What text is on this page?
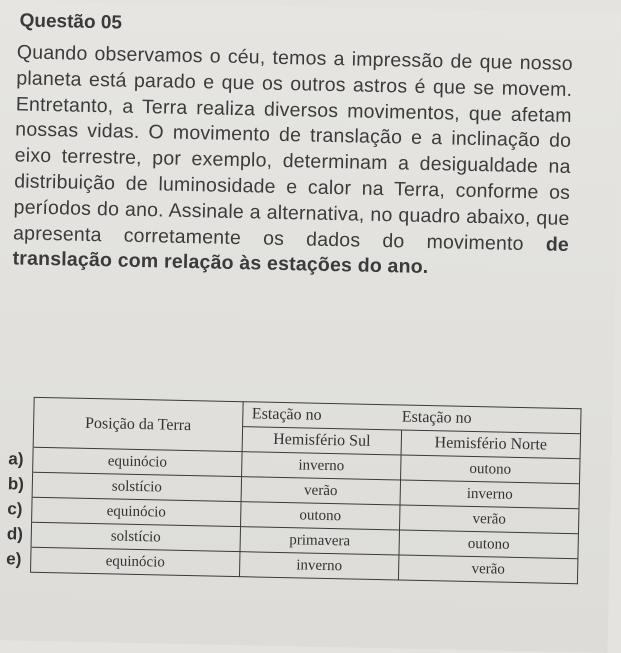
Questão 05
Quando observamos o céu, temos a impressão de que nosso planeta está parado e que os outros astros é que se movem. Entretanto, a Terra realiza diversos movimentos, que afetam nossas vidas. O movimento de translação e a inclinação do eixo terrestre, por exemplo, determinam a desigualdade na distribuição de luminosidade e calor na Terra, conforme os períodos do ano. Assinale a alternativa, no quadro abaixo, que apresenta corretamente os dados do movimento de translação com relação às estações do ano.
	Posição da Terra	Estação no Estação no	
		Hemisfério Sul	Hemisfério Norte
a)	equinócio	inverno	outono
b)	solstício	verão	inverno
c)	equinócio	outono	verão
d)	solstício	primavera	outono
e)	equinócio	inverno	verão
